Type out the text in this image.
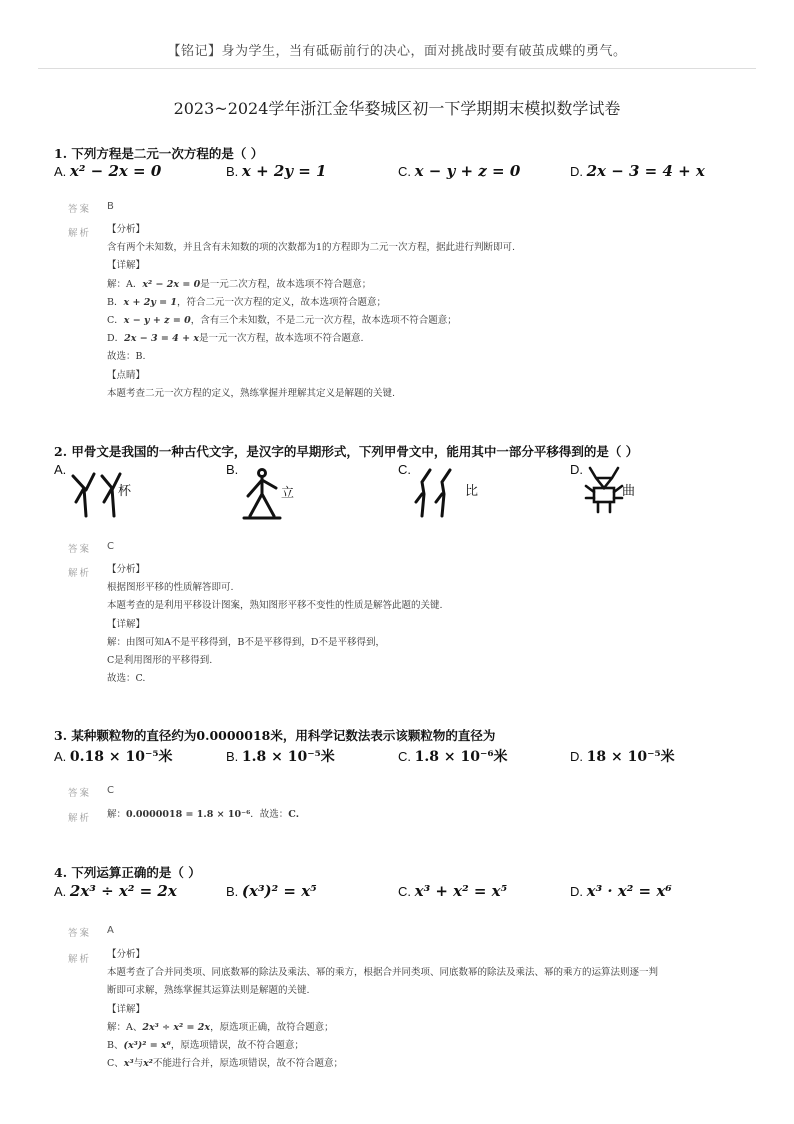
【铭记】身为学生，当有砥砺前行的决心，面对挑战时要有破茧成蝶的勇气。
2023~2024学年浙江金华婺城区初一下学期期末模拟数学试卷
1. 下列方程是二元一次方程的是（ ）
A. x² − 2x = 0	B. x + 2y = 1	C. x − y + z = 0	D. 2x − 3 = 4 + x
答案 B
解析 【分析】
含有两个未知数，并且含有未知数的项的次数都为1的方程即为二元一次方程，据此进行判断即可.
【详解】
解：A．x² − 2x = 0是一元二次方程，故本选项不符合题意；
B．x + 2y = 1，符合二元一次方程的定义，故本选项符合题意；
C．x − y + z = 0，含有三个未知数，不是二元一次方程，故本选项不符合题意；
D．2x − 3 = 4 + x是一元一次方程，故本选项不符合题意.
故选：B.
【点睛】
本题考查二元一次方程的定义，熟练掌握并理解其定义是解题的关键.
2. 甲骨文是我国的一种古代文字，是汉字的早期形式，下列甲骨文中，能用其中一部分平移得到的是（ ）
A.
杯
B.
立
C.
比
D.
曲
答案 C
解析 【分析】
根据图形平移的性质解答即可.
本题考查的是利用平移设计图案，熟知图形平移不变性的性质是解答此题的关键.
【详解】
解：由图可知A不是平移得到，B不是平移得到，D不是平移得到，
C是利用图形的平移得到.
故选：C.
3. 某种颗粒物的直径约为0.0000018米，用科学记数法表示该颗粒物的直径为
A. 0.18 × 10⁻⁵米	B. 1.8 × 10⁻⁵米	C. 1.8 × 10⁻⁶米	D. 18 × 10⁻⁵米
答案 C
解析 解：0.0000018 = 1.8 × 10⁻⁶．故选：C.
4. 下列运算正确的是（ ）
A. 2x³ ÷ x² = 2x	B. (x³)² = x⁵	C. x³ + x² = x⁵	D. x³ · x² = x⁶
答案 A
解析 【分析】
本题考查了合并同类项、同底数幂的除法及乘法、幂的乘方，根据合并同类项、同底数幂的除法及乘法、幂的乘方的运算法则逐一判
断即可求解，熟练掌握其运算法则是解题的关键.
【详解】
解：A、2x³ ÷ x² = 2x，原选项正确，故符合题意；
B、(x³)² = x⁶，原选项错误，故不符合题意；
C、x³与x²不能进行合并，原选项错误，故不符合题意；
